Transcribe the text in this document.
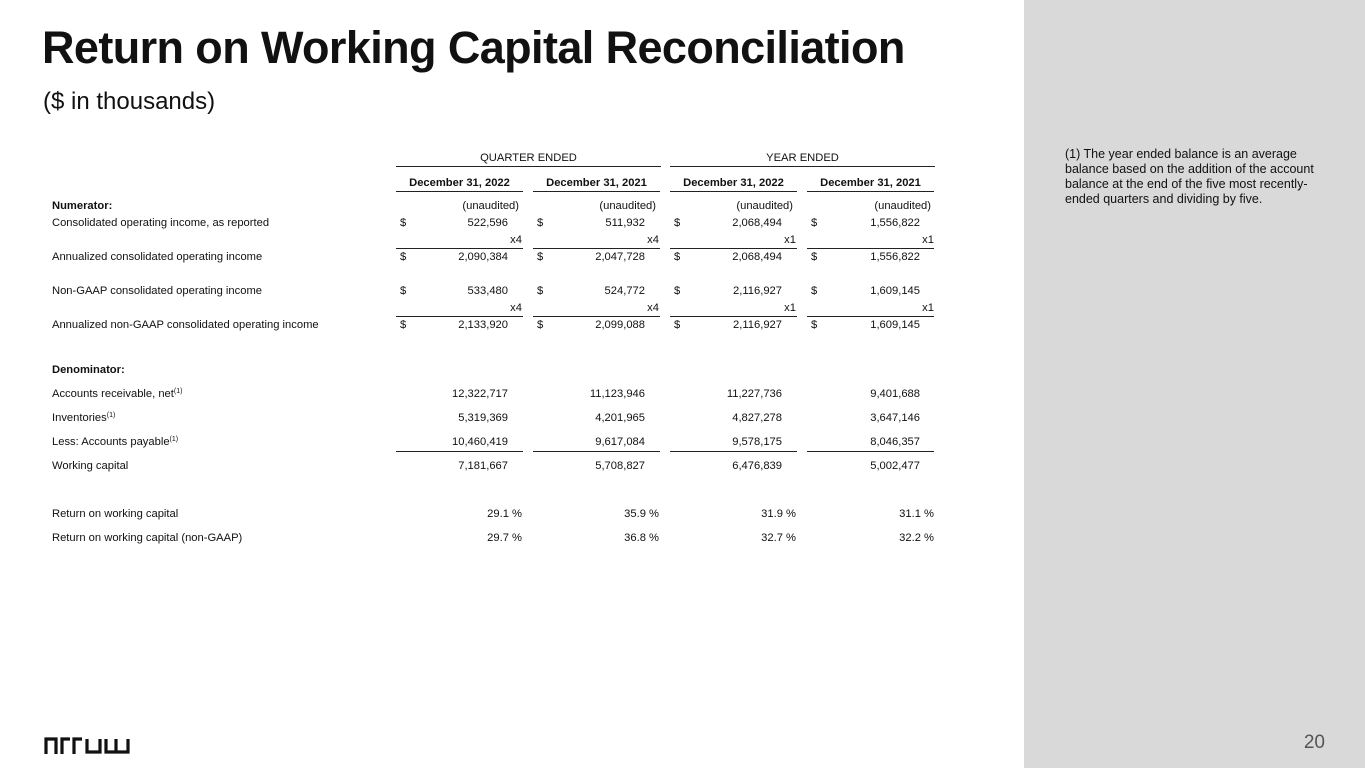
Return on Working Capital Reconciliation
($ in thousands)

(1) The year ended balance is an average balance based on the addition of the account balance at the end of the five most recently-ended quarters and dividing by five.

20
QUARTER ENDED	YEAR ENDED
December 31, 2022	December 31, 2021	December 31, 2022	December 31, 2021
Numerator:	(unaudited)	(unaudited)	(unaudited)	(unaudited)
Consolidated operating income, as reported	$	522,596	$	511,932	$	2,068,494	$	1,556,822
x4	x4	x1	x1
Annualized consolidated operating income	$	2,090,384	$	2,047,728	$	2,068,494	$	1,556,822
Non-GAAP consolidated operating income	$	533,480	$	524,772	$	2,116,927	$	1,609,145
x4	x4	x1	x1
Annualized non-GAAP consolidated operating income	$	2,133,920	$	2,099,088	$	2,116,927	$	1,609,145
Denominator:
Accounts receivable, net$^{(1)}$	12,322,717	11,123,946	11,227,736	9,401,688
Inventories$^{(1)}$	5,319,369	4,201,965	4,827,278	3,647,146
Less: Accounts payable$^{(1)}$	10,460,419	9,617,084	9,578,175	8,046,357
Working capital	7,181,667	5,708,827	6,476,839	5,002,477
Return on working capital	29.1 %	35.9 %	31.9 %	31.1 %
Return on working capital (non-GAAP)	29.7 %	36.8 %	32.7 %	32.2 %
